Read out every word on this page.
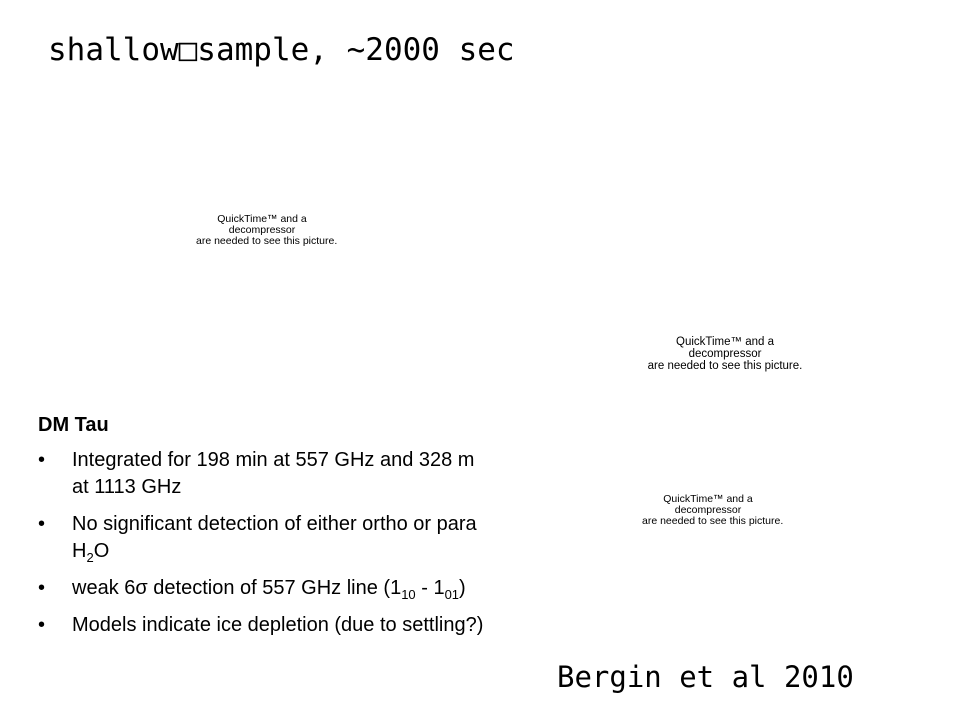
shallow□sample, ~2000 sec
QuickTime™ and a
decompressor
are needed to see this picture.
QuickTime™ and a
decompressor
are needed to see this picture.
QuickTime™ and a
decompressor
are needed to see this picture.
DM Tau
• Integrated for 198 min at 557 GHz and 328 m at 1113 GHz
• No significant detection of either ortho or para $H_2O$
• weak 6σ detection of 557 GHz line $(1_{10} - 1_{01})$
• Models indicate ice depletion (due to settling?)
Bergin et al 2010
